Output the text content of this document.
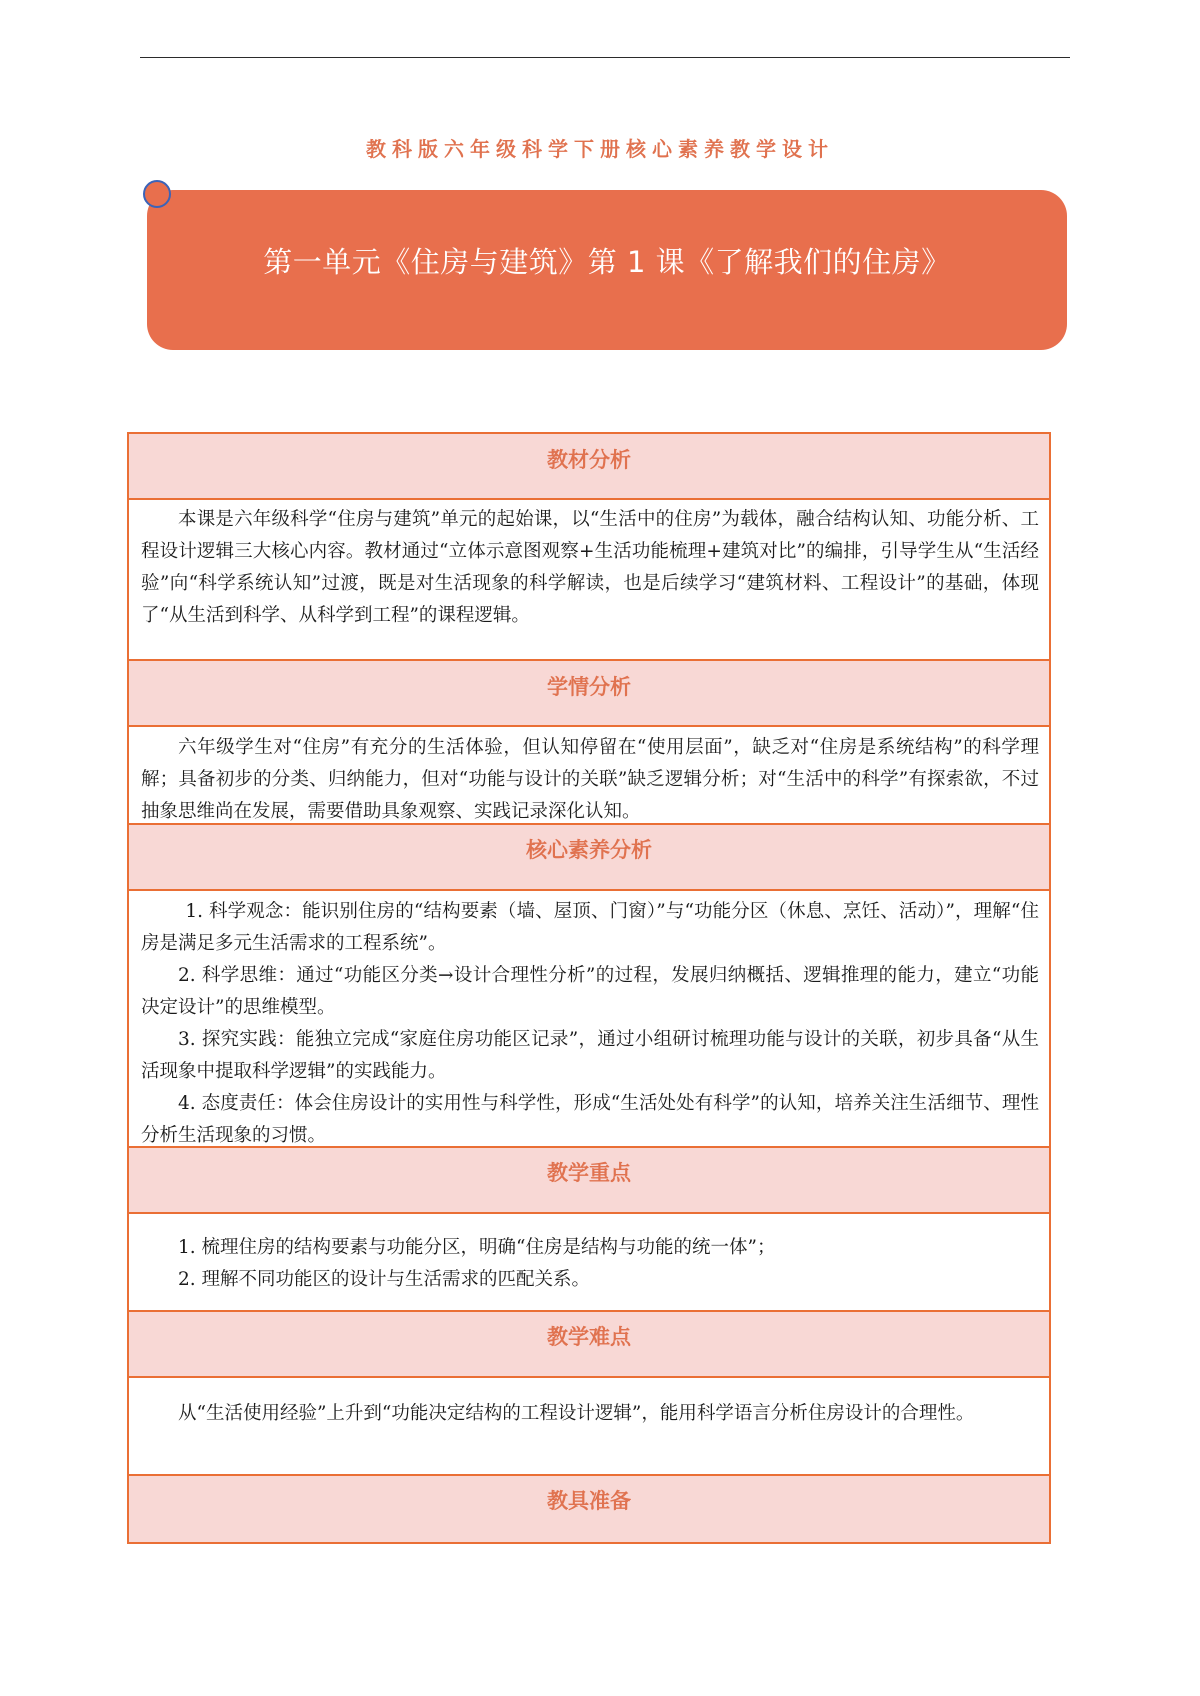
教科版六年级科学下册核心素养教学设计
第一单元《住房与建筑》第 1 课《了解我们的住房》
教材分析

本课是六年级科学“住房与建筑”单元的起始课，以“生活中的住房”为载体，融合结构认知、功能分析、工程设计逻辑三大核心内容。教材通过“立体示意图观察+生活功能梳理+建筑对比”的编排，引导学生从“生活经验”向“科学系统认知”过渡，既是对生活现象的科学解读，也是后续学习“建筑材料、工程设计”的基础，体现了“从生活到科学、从科学到工程”的课程逻辑。

学情分析

六年级学生对“住房”有充分的生活体验，但认知停留在“使用层面”，缺乏对“住房是系统结构”的科学理解；具备初步的分类、归纳能力，但对“功能与设计的关联”缺乏逻辑分析；对“生活中的科学”有探索欲，不过抽象思维尚在发展，需要借助具象观察、实践记录深化认知。

核心素养分析

1. 科学观念：能识别住房的“结构要素（墙、屋顶、门窗）”与“功能分区（休息、烹饪、活动）”，理解“住房是满足多元生活需求的工程系统”。

2. 科学思维：通过“功能区分类→设计合理性分析”的过程，发展归纳概括、逻辑推理的能力，建立“功能决定设计”的思维模型。

3. 探究实践：能独立完成“家庭住房功能区记录”，通过小组研讨梳理功能与设计的关联，初步具备“从生活现象中提取科学逻辑”的实践能力。

4. 态度责任：体会住房设计的实用性与科学性，形成“生活处处有科学”的认知，培养关注生活细节、理性分析生活现象的习惯。

教学重点

1. 梳理住房的结构要素与功能分区，明确“住房是结构与功能的统一体”；

2. 理解不同功能区的设计与生活需求的匹配关系。

教学难点

从“生活使用经验”上升到“功能决定结构的工程设计逻辑”，能用科学语言分析住房设计的合理性。

教具准备
